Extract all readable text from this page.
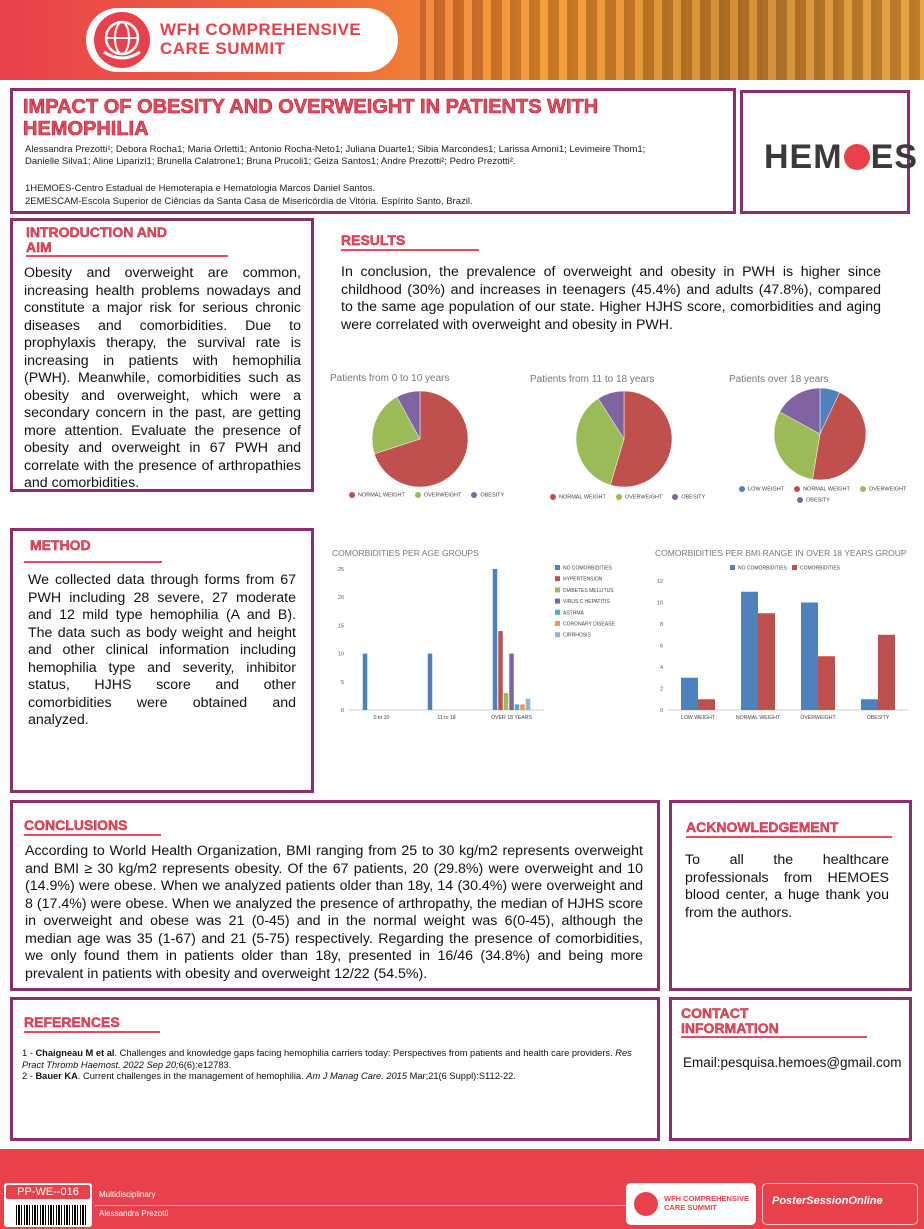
WFH COMPREHENSIVE
CARE SUMMIT
IMPACT OF OBESITY AND OVERWEIGHT IN PATIENTS WITH
HEMOPHILIA
Alessandra Prezotti¹; Debora Rocha1; Maria Orletti1; Antonio Rocha-Neto1; Juliana Duarte1; Sibia Marcondes1; Larissa Arnoni1; Levimeire Thom1;
Danielle Silva1; Aline Liparizi1; Brunella Calatrone1; Bruna Prucoli1; Geiza Santos1; Andre Prezotti²; Pedro Prezotti².
1HEMOES-Centro Estadual de Hemoterapia e Hematologia Marcos Daniel Santos.
2EMESCAM-Escola Superior de Ciências da Santa Casa de Misericórdia de Vitória. Espírito Santo, Brazil.
HEM ES
INTRODUCTION AND
AIM
Obesity and overweight are common, increasing health problems nowadays and constitute a major risk for serious chronic diseases and comorbidities. Due to prophylaxis therapy, the survival rate is increasing in patients with hemophilia (PWH). Meanwhile, comorbidities such as obesity and overweight, which were a secondary concern in the past, are getting more attention. Evaluate the presence of obesity and overweight in 67 PWH and correlate with the presence of arthropathies and comorbidities.
RESULTS
In conclusion, the prevalence of overweight and obesity in PWH is higher since childhood (30%) and increases in teenagers (45.4%) and adults (47.8%), compared to the same age population of our state. Higher HJHS score, comorbidities and aging were correlated with overweight and obesity in PWH.
Patients from 0 to 10 years
NORMAL WEIGHT	OVERWEIGHT	OBESITY
Patients from 11 to 18 years
NORMAL WEIGHT	OVERWEIGHT	OBESITY
Patients over 18 years
LOW WEIGHT	NORMAL WEIGHT	OVERWEIGHT
OBESITY
METHOD
We collected data through forms from 67 PWH including 28 severe, 27 moderate and 12 mild type hemophilia (A and B). The data such as body weight and height and other clinical information including hemophilia type and severity, inhibitor status, HJHS score and other comorbidities were obtained and analyzed.
COMORBIDITIES PER AGE GROUPS
0
5
10
15
20
25
0 to 10	11 to 18	OVER 18 YEARS
NO COMORBIDITIES
HYPERTENSION
DIABETES MELLITUS
VIRUS C HEPATITIS
ASTHMA
CORONARY DISEASE
CIRRHOSIS
COMORBIDITIES PER BMI RANGE IN OVER 18 YEARS GROUP
0
2
4
6
8
10
12
LOW WEIGHT	NORMAL WEIGHT	OVERWEIGHT	OBESITY
NO COMORBIDITIES	COMORBIDITIES
CONCLUSIONS
According to World Health Organization, BMI ranging from 25 to 30 kg/m2 represents overweight and BMI ≥ 30 kg/m2 represents obesity. Of the 67 patients, 20 (29.8%) were overweight and 10 (14.9%) were obese. When we analyzed patients older than 18y, 14 (30.4%) were overweight and 8 (17.4%) were obese. When we analyzed the presence of arthropathy, the median of HJHS score in overweight and obese was 21 (0-45) and in the normal weight was 6(0-45), although the median age was 35 (1-67) and 21 (5-75) respectively. Regarding the presence of comorbidities, we only found them in patients older than 18y, presented in 16/46 (34.8%) and being more prevalent in patients with obesity and overweight 12/22 (54.5%).
ACKNOWLEDGEMENT
To all the healthcare professionals from HEMOES blood center, a huge thank you from the authors.
REFERENCES
1 - Chaigneau M et al. Challenges and knowledge gaps facing hemophilia carriers today: Perspectives from patients and health care providers. Res Pract Thromb Haemost. 2022 Sep 20;6(6):e12783.
2 - Bauer KA. Current challenges in the management of hemophilia. Am J Manag Care. 2015 Mar;21(6 Suppl):S112-22.
CONTACT
INFORMATION
Email:pesquisa.hemoes@gmail.com
PP-WE--016	Multidisciplinary
Alessandra Prezotti
WFH COMPREHENSIVE
CARE SUMMIT
PosterSessionOnline
